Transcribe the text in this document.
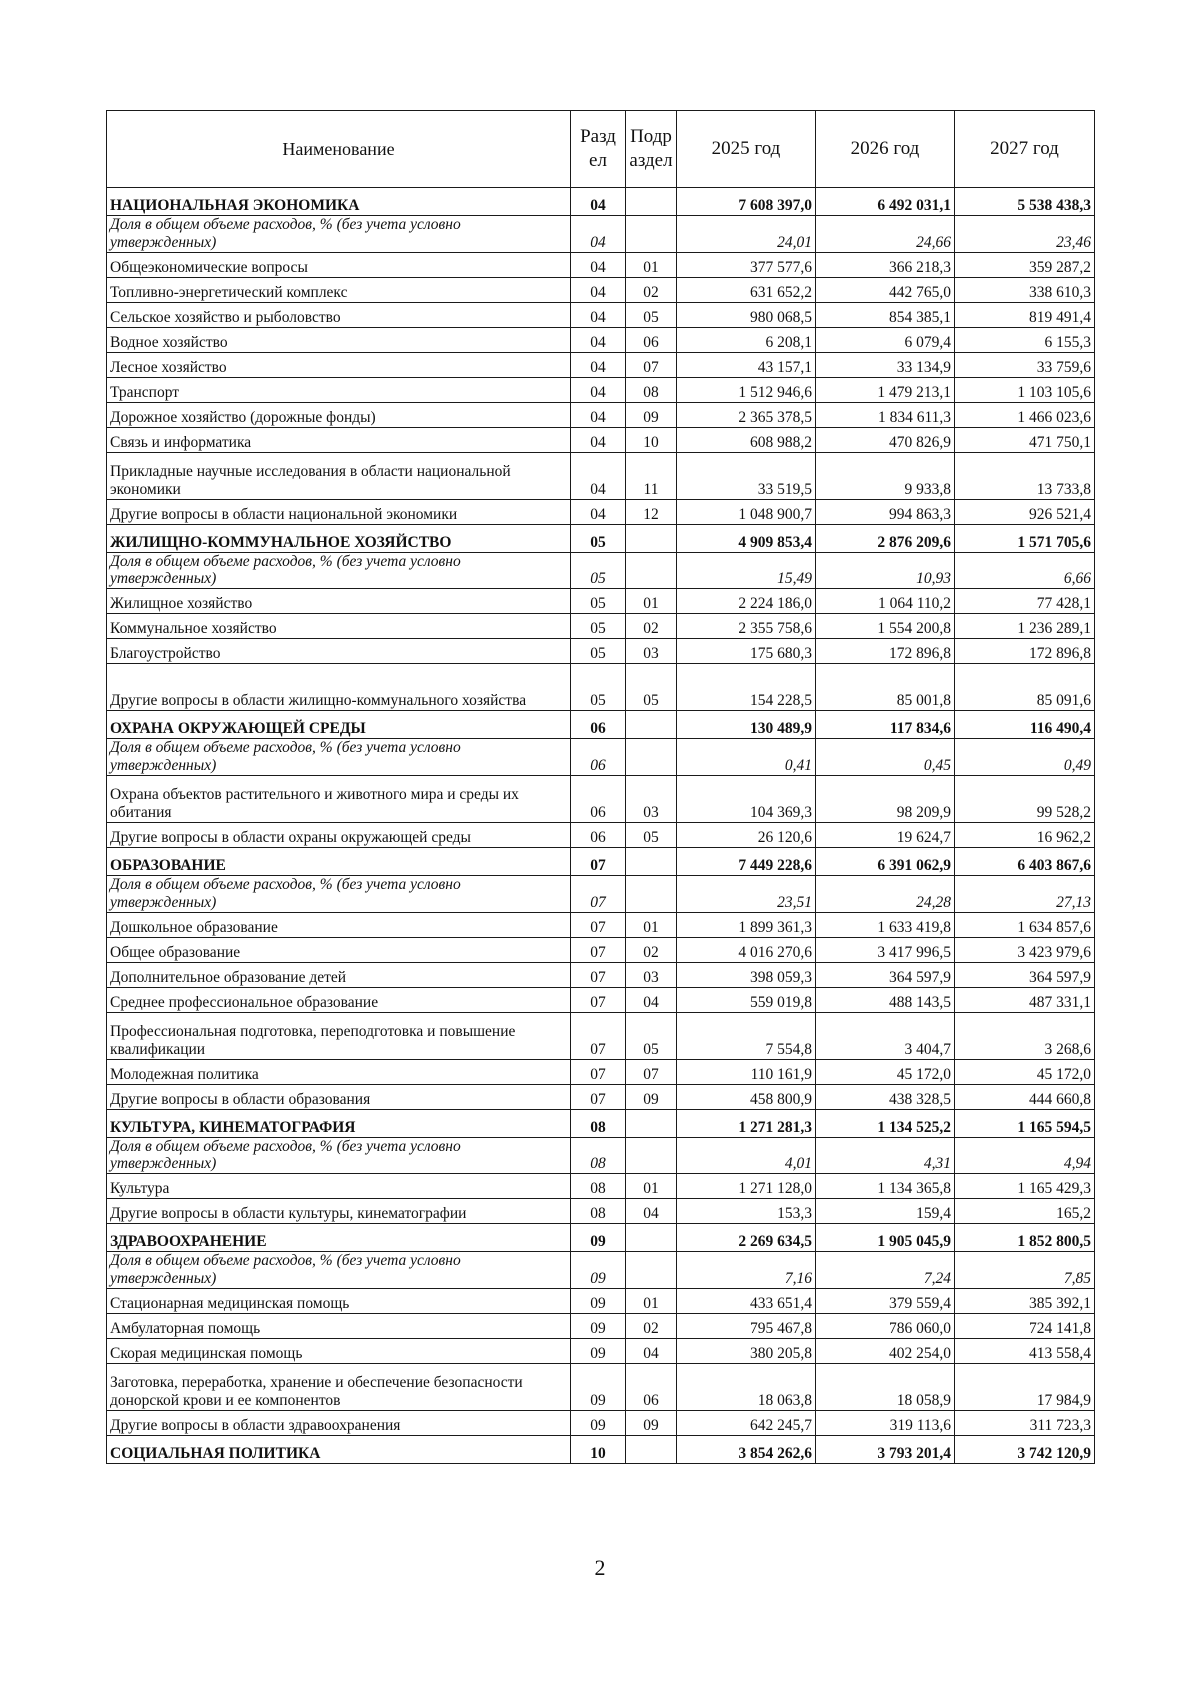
Наименование	Разд ел	Подр аздел	2025 год	2026 год	2027 год
НАЦИОНАЛЬНАЯ ЭКОНОМИКА	04		7 608 397,0	6 492 031,1	5 538 438,3
Доля в общем объеме расходов, % (без учета условно утвержденных)	04		24,01	24,66	23,46
Общеэкономические вопросы	04	01	377 577,6	366 218,3	359 287,2
Топливно-энергетический комплекс	04	02	631 652,2	442 765,0	338 610,3
Сельское хозяйство и рыболовство	04	05	980 068,5	854 385,1	819 491,4
Водное хозяйство	04	06	6 208,1	6 079,4	6 155,3
Лесное хозяйство	04	07	43 157,1	33 134,9	33 759,6
Транспорт	04	08	1 512 946,6	1 479 213,1	1 103 105,6
Дорожное хозяйство (дорожные фонды)	04	09	2 365 378,5	1 834 611,3	1 466 023,6
Связь и информатика	04	10	608 988,2	470 826,9	471 750,1
Прикладные научные исследования в области национальной экономики	04	11	33 519,5	9 933,8	13 733,8
Другие вопросы в области национальной экономики	04	12	1 048 900,7	994 863,3	926 521,4
ЖИЛИЩНО-КОММУНАЛЬНОЕ ХОЗЯЙСТВО	05		4 909 853,4	2 876 209,6	1 571 705,6
Доля в общем объеме расходов, % (без учета условно утвержденных)	05		15,49	10,93	6,66
Жилищное хозяйство	05	01	2 224 186,0	1 064 110,2	77 428,1
Коммунальное хозяйство	05	02	2 355 758,6	1 554 200,8	1 236 289,1
Благоустройство	05	03	175 680,3	172 896,8	172 896,8
Другие вопросы в области жилищно-коммунального хозяйства	05	05	154 228,5	85 001,8	85 091,6
ОХРАНА ОКРУЖАЮЩЕЙ СРЕДЫ	06		130 489,9	117 834,6	116 490,4
Доля в общем объеме расходов, % (без учета условно утвержденных)	06		0,41	0,45	0,49
Охрана объектов растительного и животного мира и среды их обитания	06	03	104 369,3	98 209,9	99 528,2
Другие вопросы в области охраны окружающей среды	06	05	26 120,6	19 624,7	16 962,2
ОБРАЗОВАНИЕ	07		7 449 228,6	6 391 062,9	6 403 867,6
Доля в общем объеме расходов, % (без учета условно утвержденных)	07		23,51	24,28	27,13
Дошкольное образование	07	01	1 899 361,3	1 633 419,8	1 634 857,6
Общее образование	07	02	4 016 270,6	3 417 996,5	3 423 979,6
Дополнительное образование детей	07	03	398 059,3	364 597,9	364 597,9
Среднее профессиональное образование	07	04	559 019,8	488 143,5	487 331,1
Профессиональная подготовка, переподготовка и повышение квалификации	07	05	7 554,8	3 404,7	3 268,6
Молодежная политика	07	07	110 161,9	45 172,0	45 172,0
Другие вопросы в области образования	07	09	458 800,9	438 328,5	444 660,8
КУЛЬТУРА, КИНЕМАТОГРАФИЯ	08		1 271 281,3	1 134 525,2	1 165 594,5
Доля в общем объеме расходов, % (без учета условно утвержденных)	08		4,01	4,31	4,94
Культура	08	01	1 271 128,0	1 134 365,8	1 165 429,3
Другие вопросы в области культуры, кинематографии	08	04	153,3	159,4	165,2
ЗДРАВООХРАНЕНИЕ	09		2 269 634,5	1 905 045,9	1 852 800,5
Доля в общем объеме расходов, % (без учета условно утвержденных)	09		7,16	7,24	7,85
Стационарная медицинская помощь	09	01	433 651,4	379 559,4	385 392,1
Амбулаторная помощь	09	02	795 467,8	786 060,0	724 141,8
Скорая медицинская помощь	09	04	380 205,8	402 254,0	413 558,4
Заготовка, переработка, хранение и обеспечение безопасности донорской крови и ее компонентов	09	06	18 063,8	18 058,9	17 984,9
Другие вопросы в области здравоохранения	09	09	642 245,7	319 113,6	311 723,3
СОЦИАЛЬНАЯ ПОЛИТИКА	10		3 854 262,6	3 793 201,4	3 742 120,9
2
